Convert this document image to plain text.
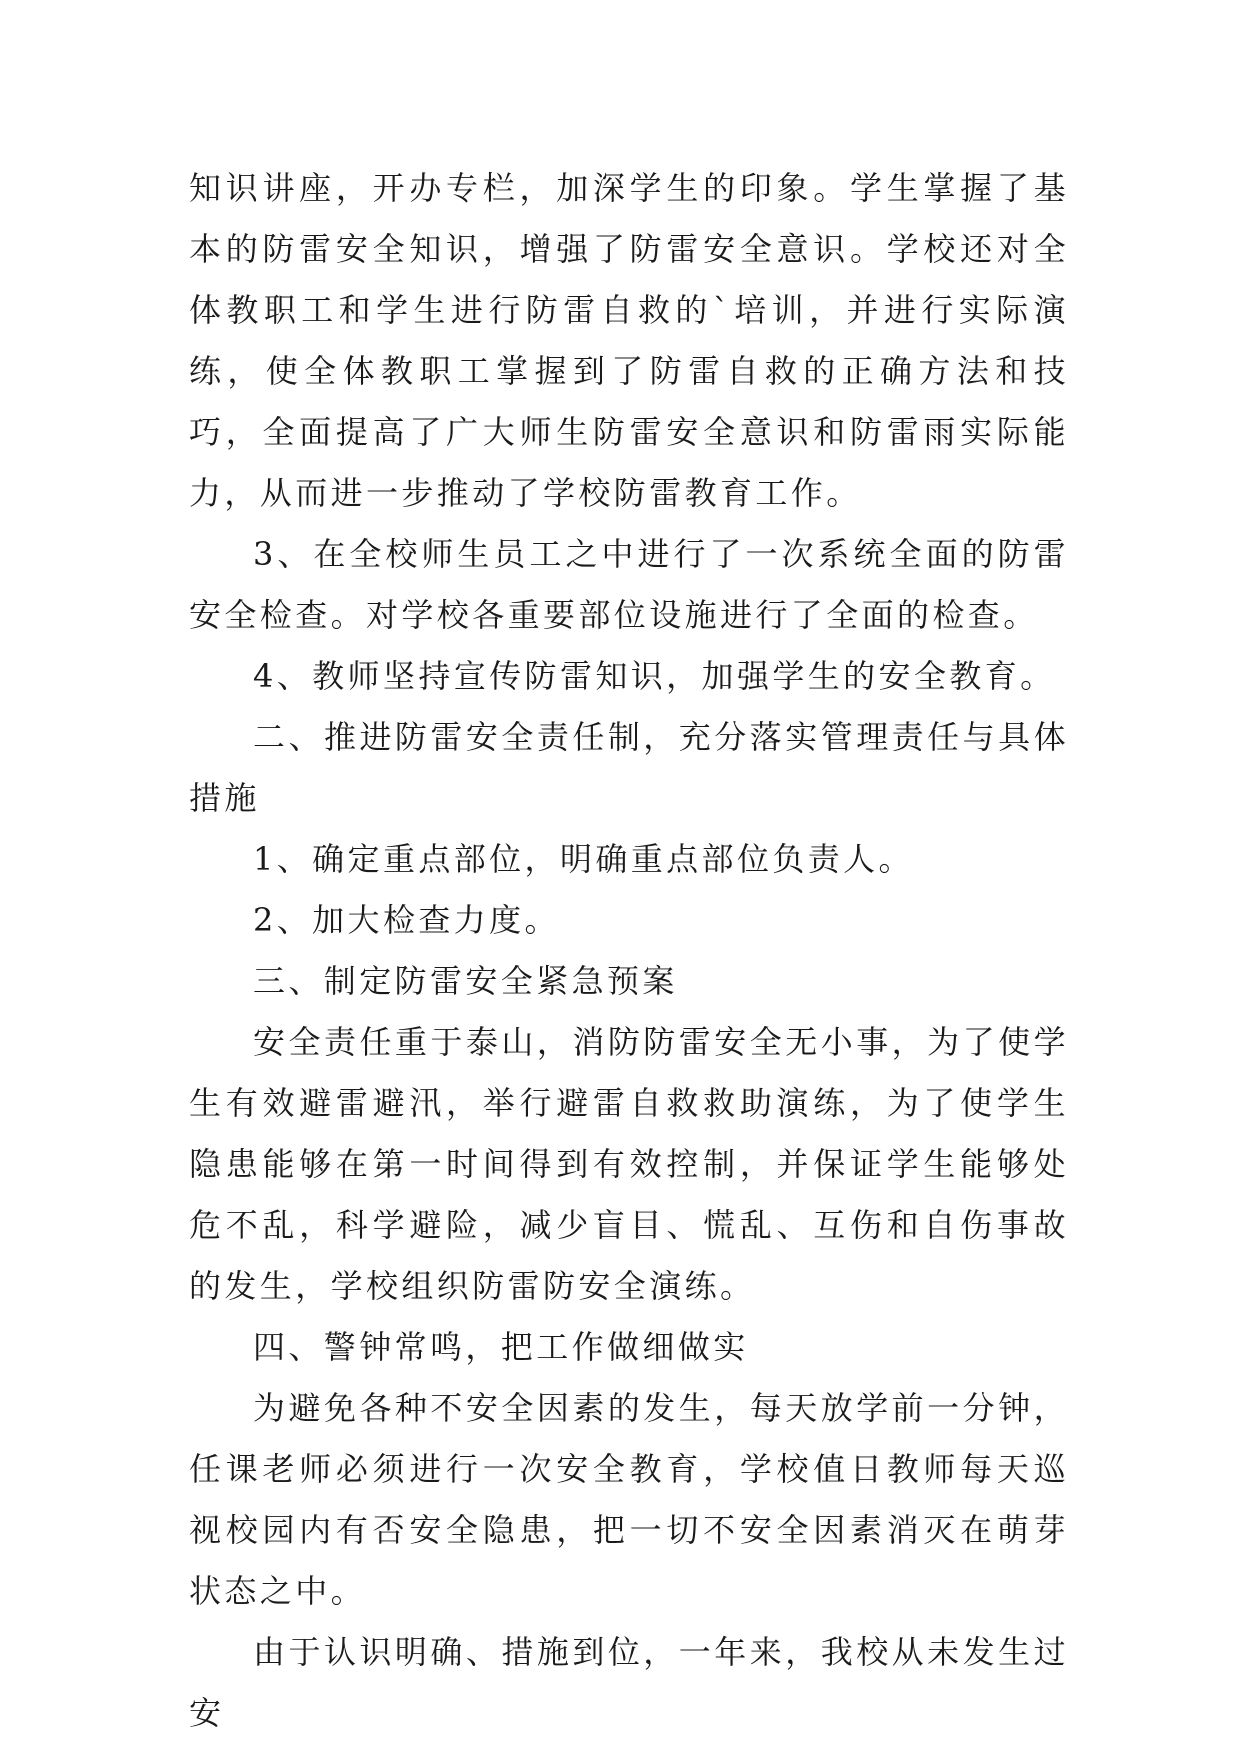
知识讲座，开办专栏，加深学生的印象。学生掌握了基本的防雷安全知识，增强了防雷安全意识。学校还对全体教职工和学生进行防雷自救的`培训，并进行实际演练，使全体教职工掌握到了防雷自救的正确方法和技巧，全面提高了广大师生防雷安全意识和防雷雨实际能力，从而进一步推动了学校防雷教育工作。

3、在全校师生员工之中进行了一次系统全面的防雷安全检查。对学校各重要部位设施进行了全面的检查。

4、教师坚持宣传防雷知识，加强学生的安全教育。

二、推进防雷安全责任制，充分落实管理责任与具体措施

1、确定重点部位，明确重点部位负责人。

2、加大检查力度。

三、制定防雷安全紧急预案

安全责任重于泰山，消防防雷安全无小事，为了使学生有效避雷避汛，举行避雷自救救助演练，为了使学生隐患能够在第一时间得到有效控制，并保证学生能够处危不乱，科学避险，减少盲目、慌乱、互伤和自伤事故的发生，学校组织防雷防安全演练。

四、警钟常鸣，把工作做细做实

为避免各种不安全因素的发生，每天放学前一分钟，任课老师必须进行一次安全教育，学校值日教师每天巡视校园内有否安全隐患，把一切不安全因素消灭在萌芽状态之中。

由于认识明确、措施到位，一年来，我校从未发生过安
